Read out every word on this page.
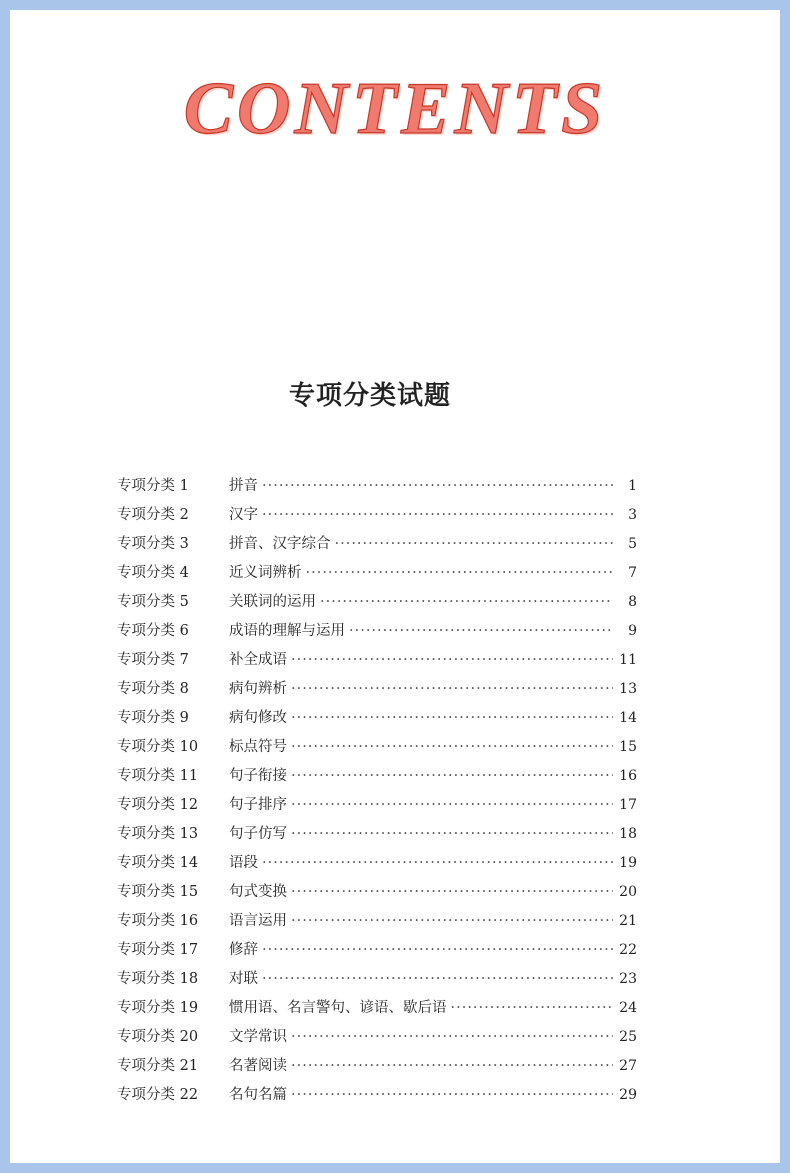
CONTENTS
专项分类试题
专项分类 1	拼音 ·····	1
专项分类 2	汉字 ·····	3
专项分类 3	拼音、汉字综合 ·····	5
专项分类 4	近义词辨析 ·····	7
专项分类 5	关联词的运用 ·····	8
专项分类 6	成语的理解与运用 ·····	9
专项分类 7	补全成语 ·····	11
专项分类 8	病句辨析 ·····	13
专项分类 9	病句修改 ·····	14
专项分类 10	标点符号 ·····	15
专项分类 11	句子衔接 ·····	16
专项分类 12	句子排序 ·····	17
专项分类 13	句子仿写 ·····	18
专项分类 14	语段 ·····	19
专项分类 15	句式变换 ·····	20
专项分类 16	语言运用 ·····	21
专项分类 17	修辞 ·····	22
专项分类 18	对联 ·····	23
专项分类 19	惯用语、名言警句、谚语、歇后语 ·····	24
专项分类 20	文学常识 ·····	25
专项分类 21	名著阅读 ·····	27
专项分类 22	名句名篇 ·····	29
